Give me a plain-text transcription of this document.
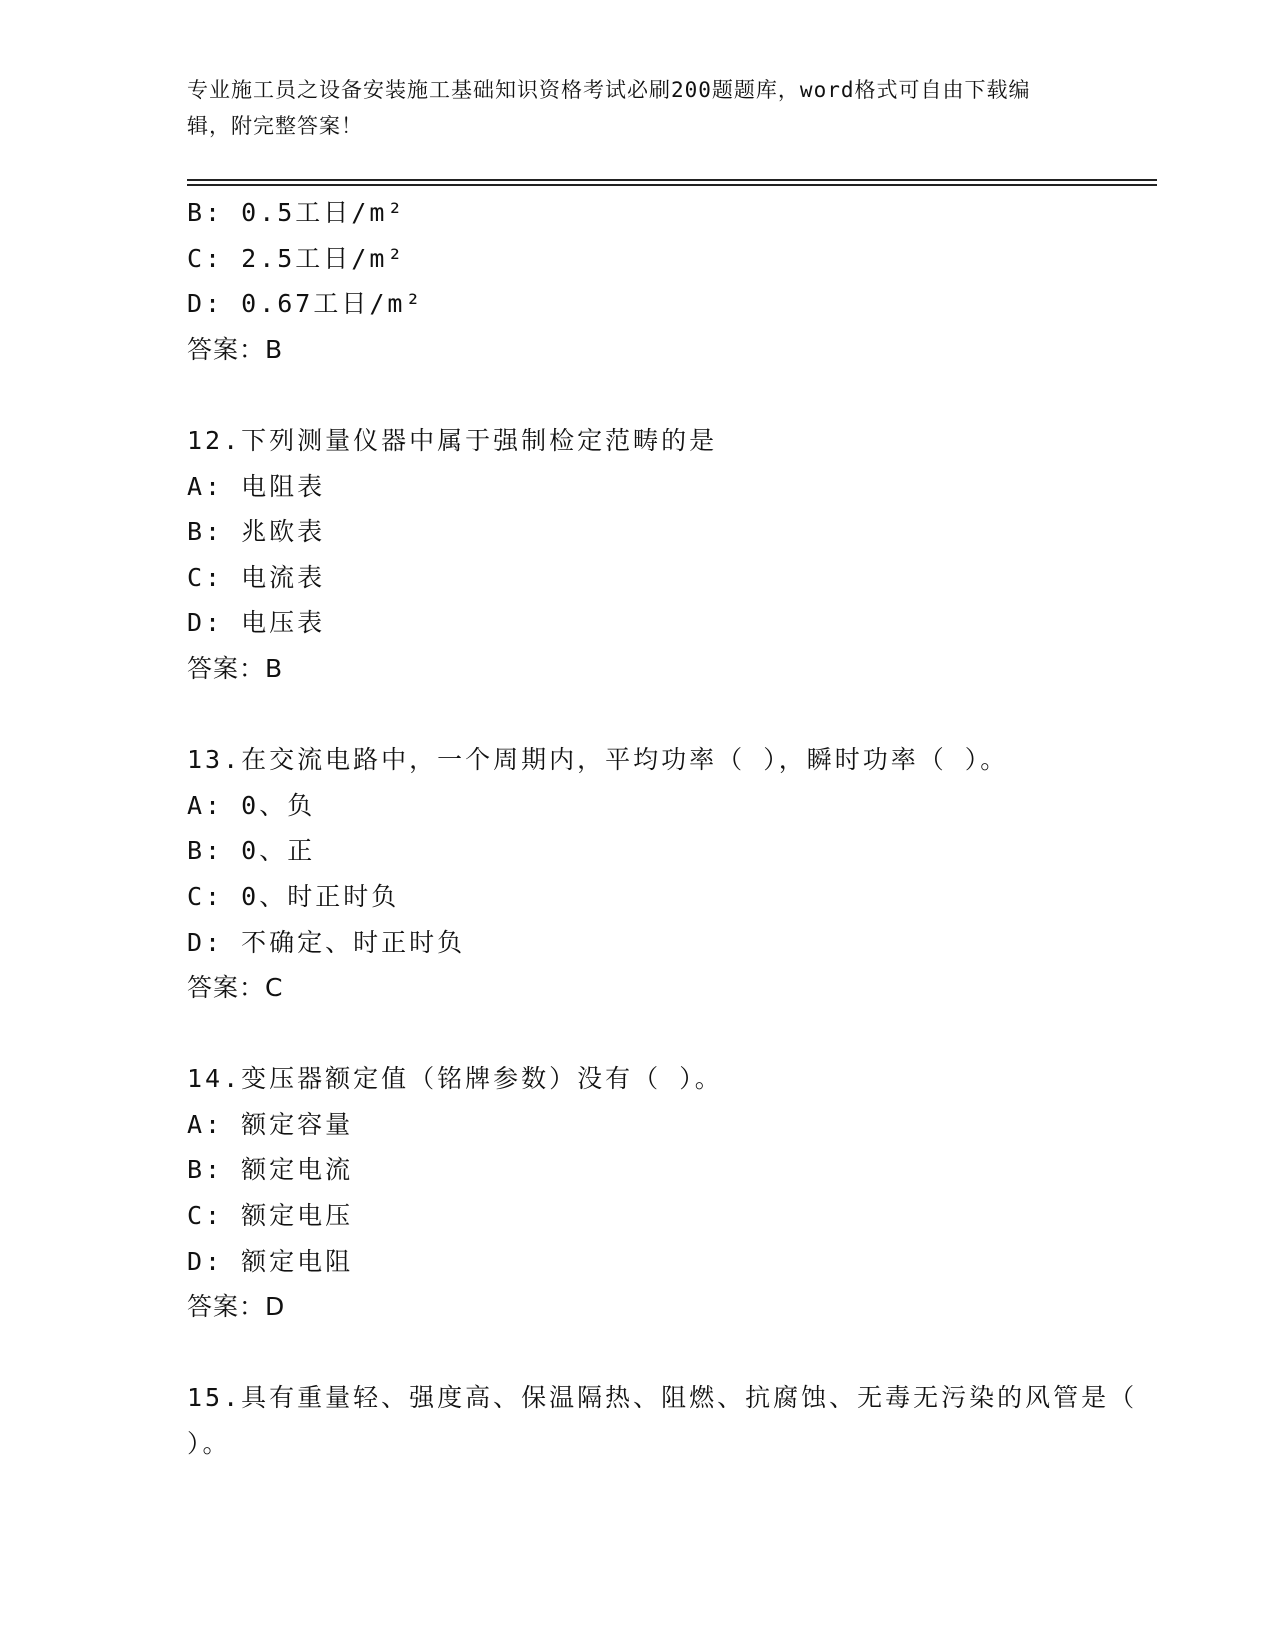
专业施工员之设备安装施工基础知识资格考试必刷200题题库，word格式可自由下载编辑，附完整答案！
B: 0.5工日/m²
C: 2.5工日/m²
D: 0.67工日/m²
答案：B
12.下列测量仪器中属于强制检定范畴的是
A: 电阻表
B: 兆欧表
C: 电流表
D: 电压表
答案：B
13.在交流电路中，一个周期内，平均功率（ ），瞬时功率（ ）。
A: 0、负
B: 0、正
C: 0、时正时负
D: 不确定、时正时负
答案：C
14.变压器额定值（铭牌参数）没有（ ）。
A: 额定容量
B: 额定电流
C: 额定电压
D: 额定电阻
答案：D
15.具有重量轻、强度高、保温隔热、阻燃、抗腐蚀、无毒无污染的风管是（ ）。
